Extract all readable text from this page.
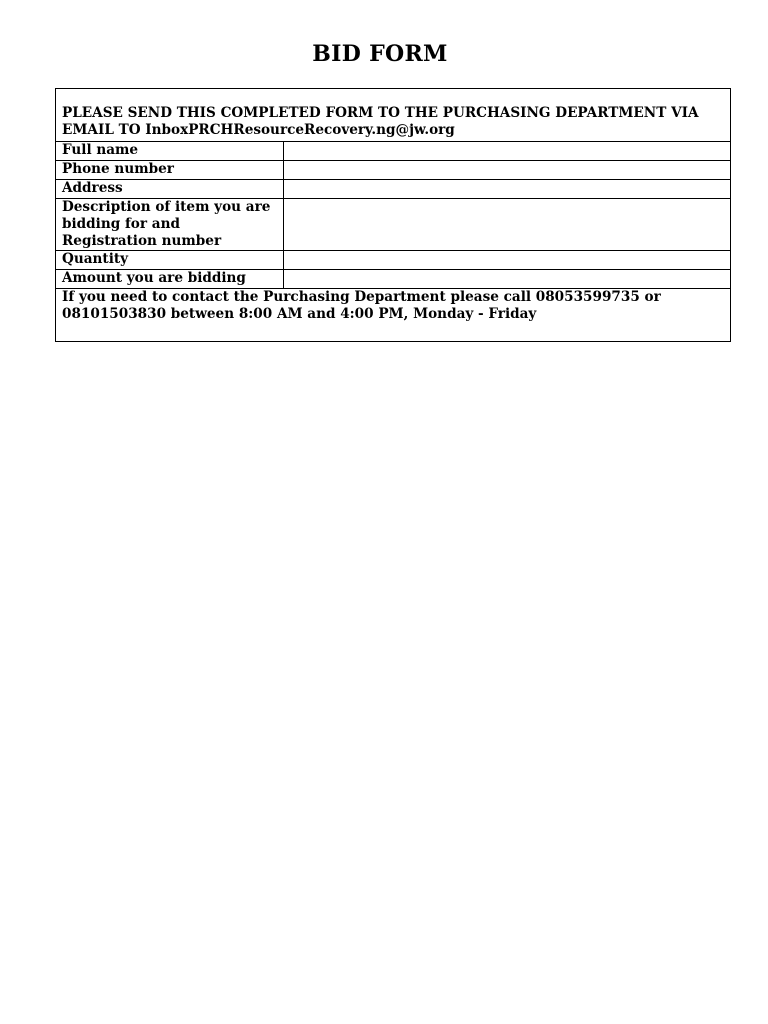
BID FORM
PLEASE SEND THIS COMPLETED FORM TO THE PURCHASING DEPARTMENT VIA EMAIL TO InboxPRCHResourceRecovery.ng@jw.org
Full name
Phone number
Address
Description of item you are bidding for and Registration number
Quantity
Amount you are bidding
If you need to contact the Purchasing Department please call 08053599735 or 08101503830 between 8:00 AM and 4:00 PM, Monday - Friday
